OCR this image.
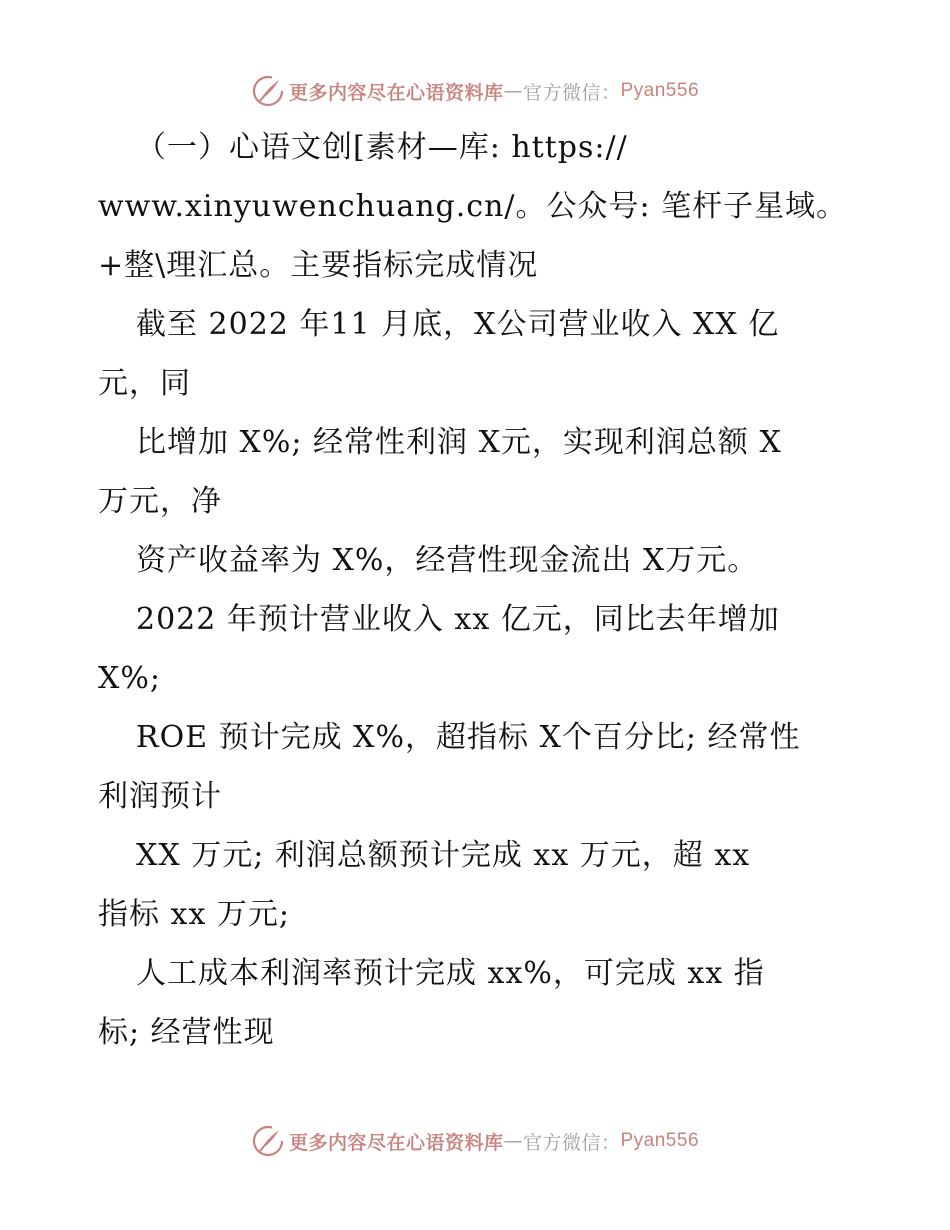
更多内容尽在心语资料库 — 官方微信： Pyan556
（一）心语文创[素材—库: https://
www.xinyuwenchuang.cn/。公众号: 笔杆子星域。
+整\理汇总。主要指标完成情况
截至 2022 年11 月底，X公司营业收入 XX 亿
元，同
比增加 X%; 经常性利润 X元，实现利润总额 X
万元，净
资产收益率为 X%，经营性现金流出 X万元。
2022 年预计营业收入 xx 亿元，同比去年增加
X%;
ROE 预计完成 X%，超指标 X个百分比; 经常性
利润预计
XX 万元; 利润总额预计完成 xx 万元，超 xx
指标 xx 万元;
人工成本利润率预计完成 xx%，可完成 xx 指
标; 经营性现
更多内容尽在心语资料库 — 官方微信： Pyan556
